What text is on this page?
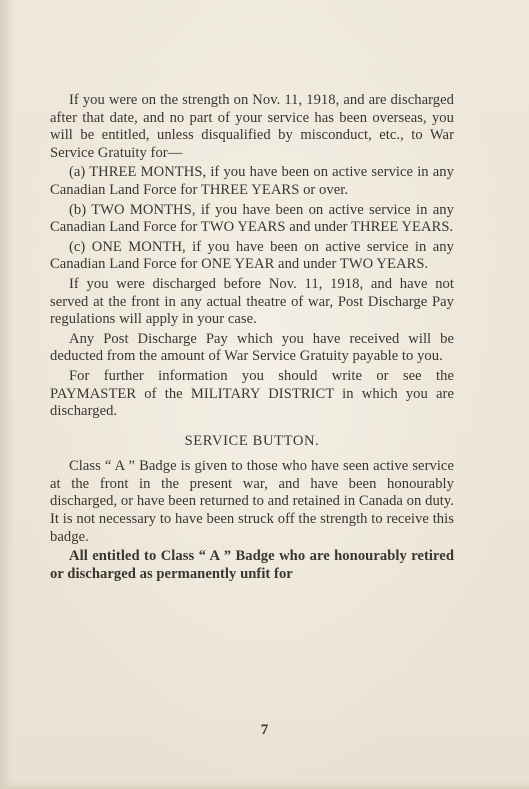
If you were on the strength on Nov. 11, 1918, and are discharged after that date, and no part of your service has been overseas, you will be entitled, unless disqualified by misconduct, etc., to War Service Gratuity for—

(a) THREE MONTHS, if you have been on active service in any Canadian Land Force for THREE YEARS or over.

(b) TWO MONTHS, if you have been on active service in any Canadian Land Force for TWO YEARS and under THREE YEARS.

(c) ONE MONTH, if you have been on active service in any Canadian Land Force for ONE YEAR and under TWO YEARS.

If you were discharged before Nov. 11, 1918, and have not served at the front in any actual theatre of war, Post Discharge Pay regulations will apply in your case.

Any Post Discharge Pay which you have received will be deducted from the amount of War Service Gratuity payable to you.

For further information you should write or see the PAYMASTER of the MILITARY DISTRICT in which you are discharged.

SERVICE BUTTON.

Class “ A ” Badge is given to those who have seen active service at the front in the present war, and have been honourably discharged, or have been returned to and retained in Canada on duty. It is not necessary to have been struck off the strength to receive this badge.

All entitled to Class “ A ” Badge who are honourably retired or discharged as permanently unfit for

7
